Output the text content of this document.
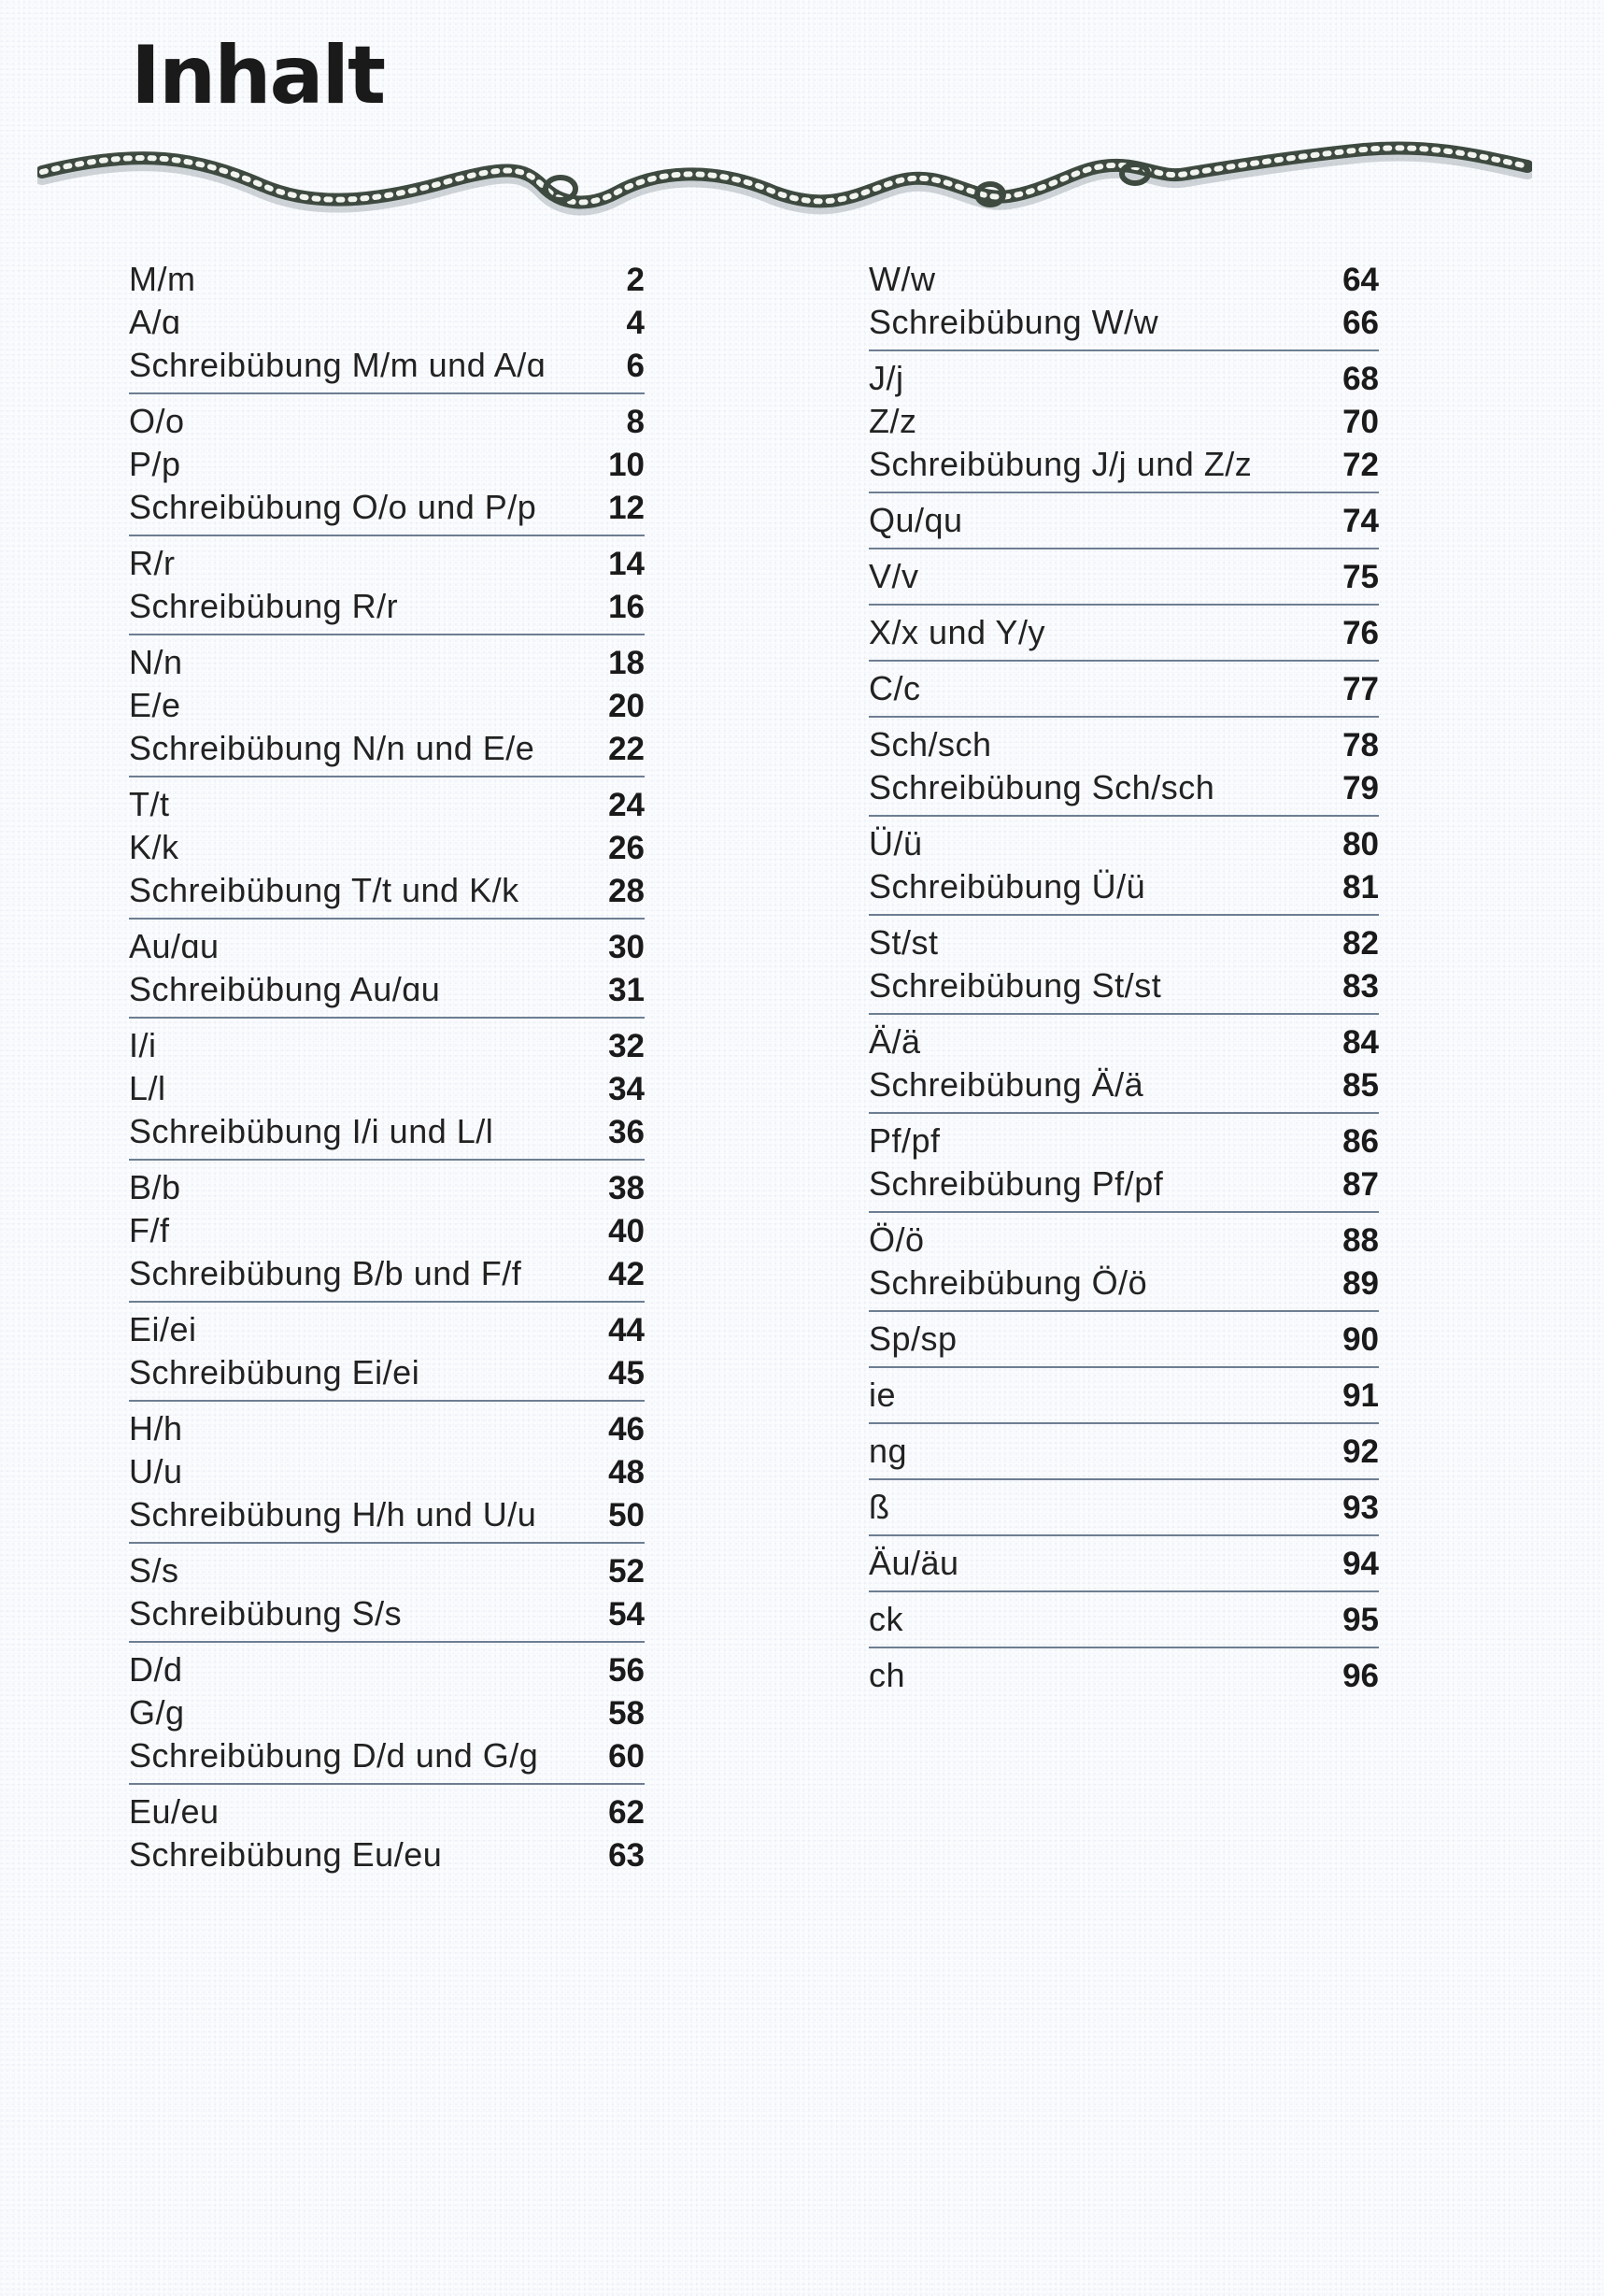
Inhalt
M/m	2
A/ɑ	4
Schreibübung M/m und A/ɑ 6
O/o	8
P/p	10
Schreibübung O/o und P/p 12
R/r	14
Schreibübung R/r	16
N/n	18
E/e	20
Schreibübung N/n und E/e 22
T/t	24
K/k	26
Schreibübung T/t und K/k	28
Au/ɑu	30
Schreibübung Au/ɑu	31
I/i	32
L/l	34
Schreibübung I/i und L/l	36
B/b	38
F/f	40
Schreibübung B/b und F/f	42
Ei/ei	44
Schreibübung Ei/ei	45
H/h	46
U/u	48
Schreibübung H/h und U/u 50
S/s	52
Schreibübung S/s	54
D/d	56
G/g	58
Schreibübung D/d und G/g 60
Eu/eu	62
Schreibübung Eu/eu	63
W/w	64
Schreibübung W/w	66
J/j	68
Z/z	70
Schreibübung J/j und Z/z	72
Qu/qu	74
V/v	75
X/x und Y/y	76
C/c	77
Sch/sch	78
Schreibübung Sch/sch	79
Ü/ü	80
Schreibübung Ü/ü	81
St/st	82
Schreibübung St/st	83
Ä/ä	84
Schreibübung Ä/ä	85
Pf/pf	86
Schreibübung Pf/pf	87
Ö/ö	88
Schreibübung Ö/ö	89
Sp/sp	90
ie	91
ng	92
ß	93
Äu/äu	94
ck	95
ch	96
